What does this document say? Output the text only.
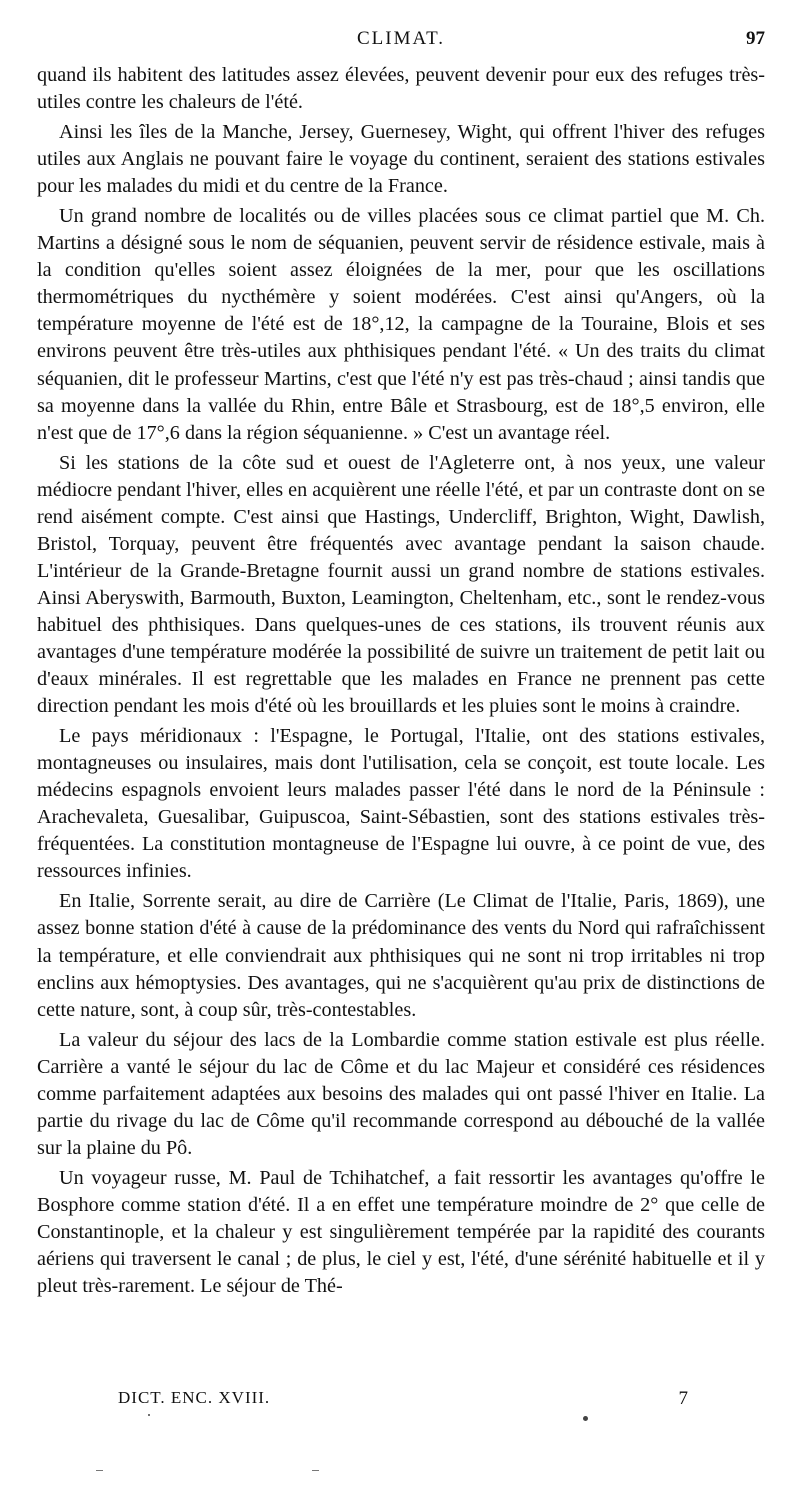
CLIMAT.	97

quand ils habitent des latitudes assez élevées, peuvent devenir pour eux des refuges très-utiles contre les chaleurs de l'été.

Ainsi les îles de la Manche, Jersey, Guernesey, Wight, qui offrent l'hiver des refuges utiles aux Anglais ne pouvant faire le voyage du continent, seraient des stations estivales pour les malades du midi et du centre de la France.

Un grand nombre de localités ou de villes placées sous ce climat partiel que M. Ch. Martins a désigné sous le nom de séquanien, peuvent servir de résidence estivale, mais à la condition qu'elles soient assez éloignées de la mer, pour que les oscillations thermométriques du nycthémère y soient modérées. C'est ainsi qu'Angers, où la température moyenne de l'été est de 18°,12, la campagne de la Touraine, Blois et ses environs peuvent être très-utiles aux phthisiques pendant l'été. « Un des traits du climat séquanien, dit le professeur Martins, c'est que l'été n'y est pas très-chaud ; ainsi tandis que sa moyenne dans la vallée du Rhin, entre Bâle et Strasbourg, est de 18°,5 environ, elle n'est que de 17°,6 dans la région séquanienne. » C'est un avantage réel.

Si les stations de la côte sud et ouest de l'Agleterre ont, à nos yeux, une valeur médiocre pendant l'hiver, elles en acquièrent une réelle l'été, et par un contraste dont on se rend aisément compte. C'est ainsi que Hastings, Undercliff, Brighton, Wight, Dawlish, Bristol, Torquay, peuvent être fréquentés avec avantage pendant la saison chaude. L'intérieur de la Grande-Bretagne fournit aussi un grand nombre de stations estivales. Ainsi Aberyswith, Barmouth, Buxton, Leamington, Cheltenham, etc., sont le rendez-vous habituel des phthisiques. Dans quelques-unes de ces stations, ils trouvent réunis aux avantages d'une température modérée la possibilité de suivre un traitement de petit lait ou d'eaux minérales. Il est regrettable que les malades en France ne prennent pas cette direction pendant les mois d'été où les brouillards et les pluies sont le moins à craindre.

Le pays méridionaux : l'Espagne, le Portugal, l'Italie, ont des stations estivales, montagneuses ou insulaires, mais dont l'utilisation, cela se conçoit, est toute locale. Les médecins espagnols envoient leurs malades passer l'été dans le nord de la Péninsule : Arachevaleta, Guesalibar, Guipuscoa, Saint-Sébastien, sont des stations estivales très-fréquentées. La constitution montagneuse de l'Espagne lui ouvre, à ce point de vue, des ressources infinies.

En Italie, Sorrente serait, au dire de Carrière (Le Climat de l'Italie, Paris, 1869), une assez bonne station d'été à cause de la prédominance des vents du Nord qui rafraîchissent la température, et elle conviendrait aux phthisiques qui ne sont ni trop irritables ni trop enclins aux hémoptysies. Des avantages, qui ne s'acquièrent qu'au prix de distinctions de cette nature, sont, à coup sûr, très-contestables.

La valeur du séjour des lacs de la Lombardie comme station estivale est plus réelle. Carrière a vanté le séjour du lac de Côme et du lac Majeur et considéré ces résidences comme parfaitement adaptées aux besoins des malades qui ont passé l'hiver en Italie. La partie du rivage du lac de Côme qu'il recommande correspond au débouché de la vallée sur la plaine du Pô.

Un voyageur russe, M. Paul de Tchihatchef, a fait ressortir les avantages qu'offre le Bosphore comme station d'été. Il a en effet une température moindre de 2° que celle de Constantinople, et la chaleur y est singulièrement tempérée par la rapidité des courants aériens qui traversent le canal ; de plus, le ciel y est, l'été, d'une sérénité habituelle et il y pleut très-rarement. Le séjour de Thé-

DICT. ENC. XVIII.	7
